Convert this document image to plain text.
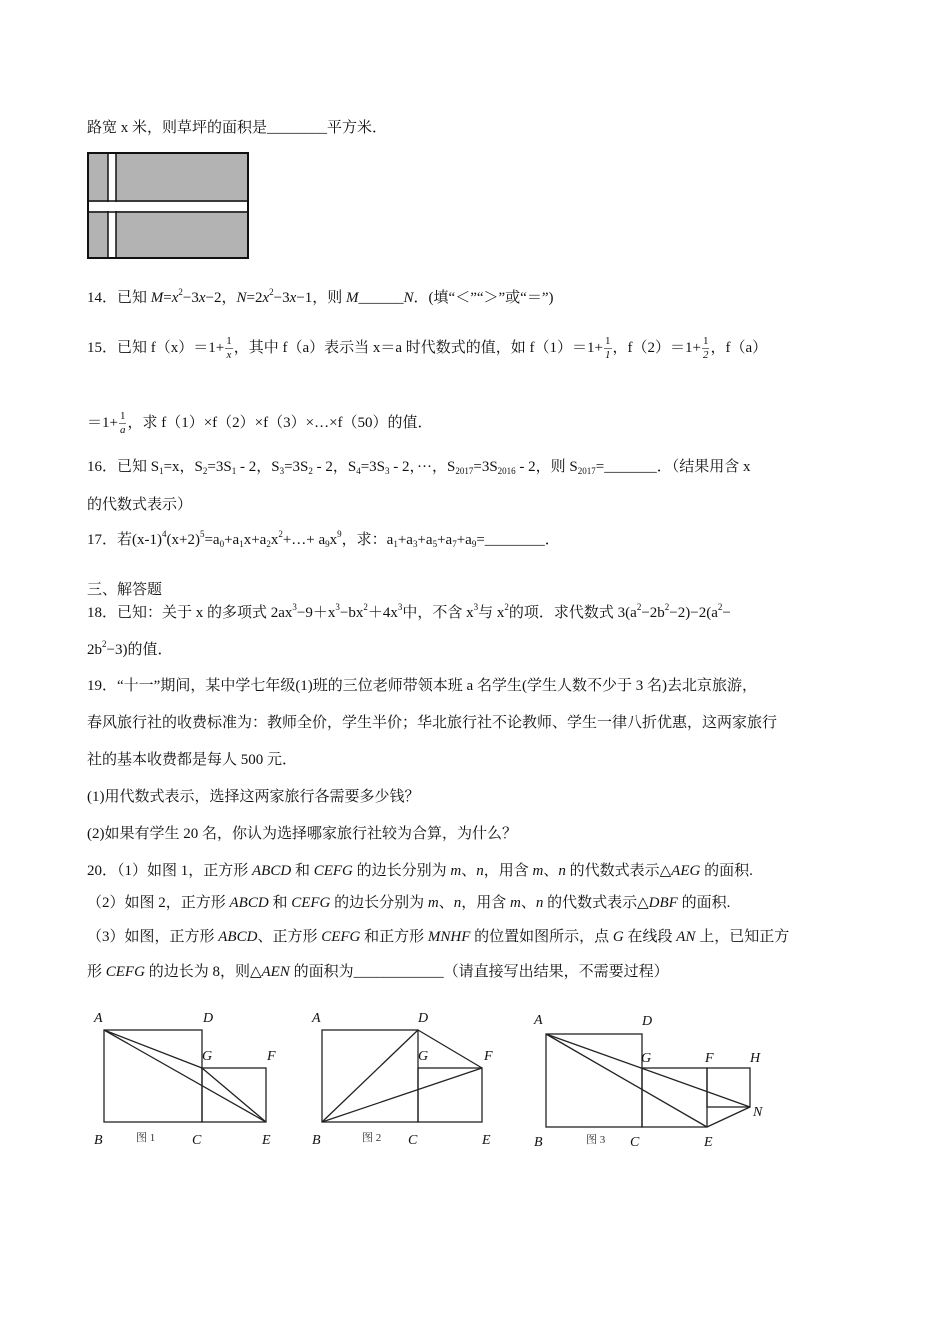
路宽 x 米，则草坪的面积是________平方米．
14．已知 $M=x^2-3x-2$，$N=2x^2-3x-1$，则 M______N．(填“＜”“＞”或“＝”)
15．已知 $f(x)=1+ \frac{1}{x}$ ，其中 f（a）表示当 x＝a 时代数式的值，如 $f(1)=1+ \frac{1}{1}$ ，$f(2)=1+ \frac{1}{2}$ ，f（a）
$=1+ \frac{1}{a}$ ，求 f（1）×f（2）×f（3）×…×f（50）的值．
16．已知 $S_1=x$，$S_2=3S_1 - 2$，$S_3=3S_2 - 2$，$S_4=3S_3 - 2$，···，$S_{2017}=3S_{2016} - 2$，则 $S_{2017}=\_\_\_\_\_\_\_$．（结果用含 x
的代数式表示）
17．若$(x-1)^4(x+2)^5=a_0+a_1x+a_2x^2+\dots+ a_9x^9$，求：$a_1+a_3+a_5+a_7+a_9=\_\_\_\_\_\_\_\_$．
三、解答题
18．已知：关于 x 的多项式 $2ax^3-9+x^3-bx^2+4x^3$中，不含 $x^3$与 $x^2$的项．求代数式 $3(a^2-2b^2-2)-2(a^2-$
$2b^2-3$)的值．
19．“十一”期间，某中学七年级(1)班的三位老师带领本班 a 名学生(学生人数不少于 3 名)去北京旅游，
春风旅行社的收费标准为：教师全价，学生半价；华北旅行社不论教师、学生一律八折优惠，这两家旅行
社的基本收费都是每人 500 元．
(1)用代数式表示，选择这两家旅行各需要多少钱？
(2)如果有学生 20 名，你认为选择哪家旅行社较为合算，为什么？
20．（1）如图 1，正方形 ABCD 和 CEFG 的边长分别为 m、n，用含 m、n 的代数式表示△AEG 的面积.
（2）如图 2，正方形 ABCD 和 CEFG 的边长分别为 m、n，用含 m、n 的代数式表示△DBF 的面积.
（3）如图，正方形 ABCD、正方形 CEFG 和正方形 MNHF 的位置如图所示，点 G 在线段 AN 上，已知正方
形 CEFG 的边长为 8，则△AEN 的面积为____________（请直接写出结果，不需要过程）
A	D
G	F
B	图 1	C	E
A	D
G	F
B	图 2 C	E
A	D
G	F	H
N
B	图 3 C	E
